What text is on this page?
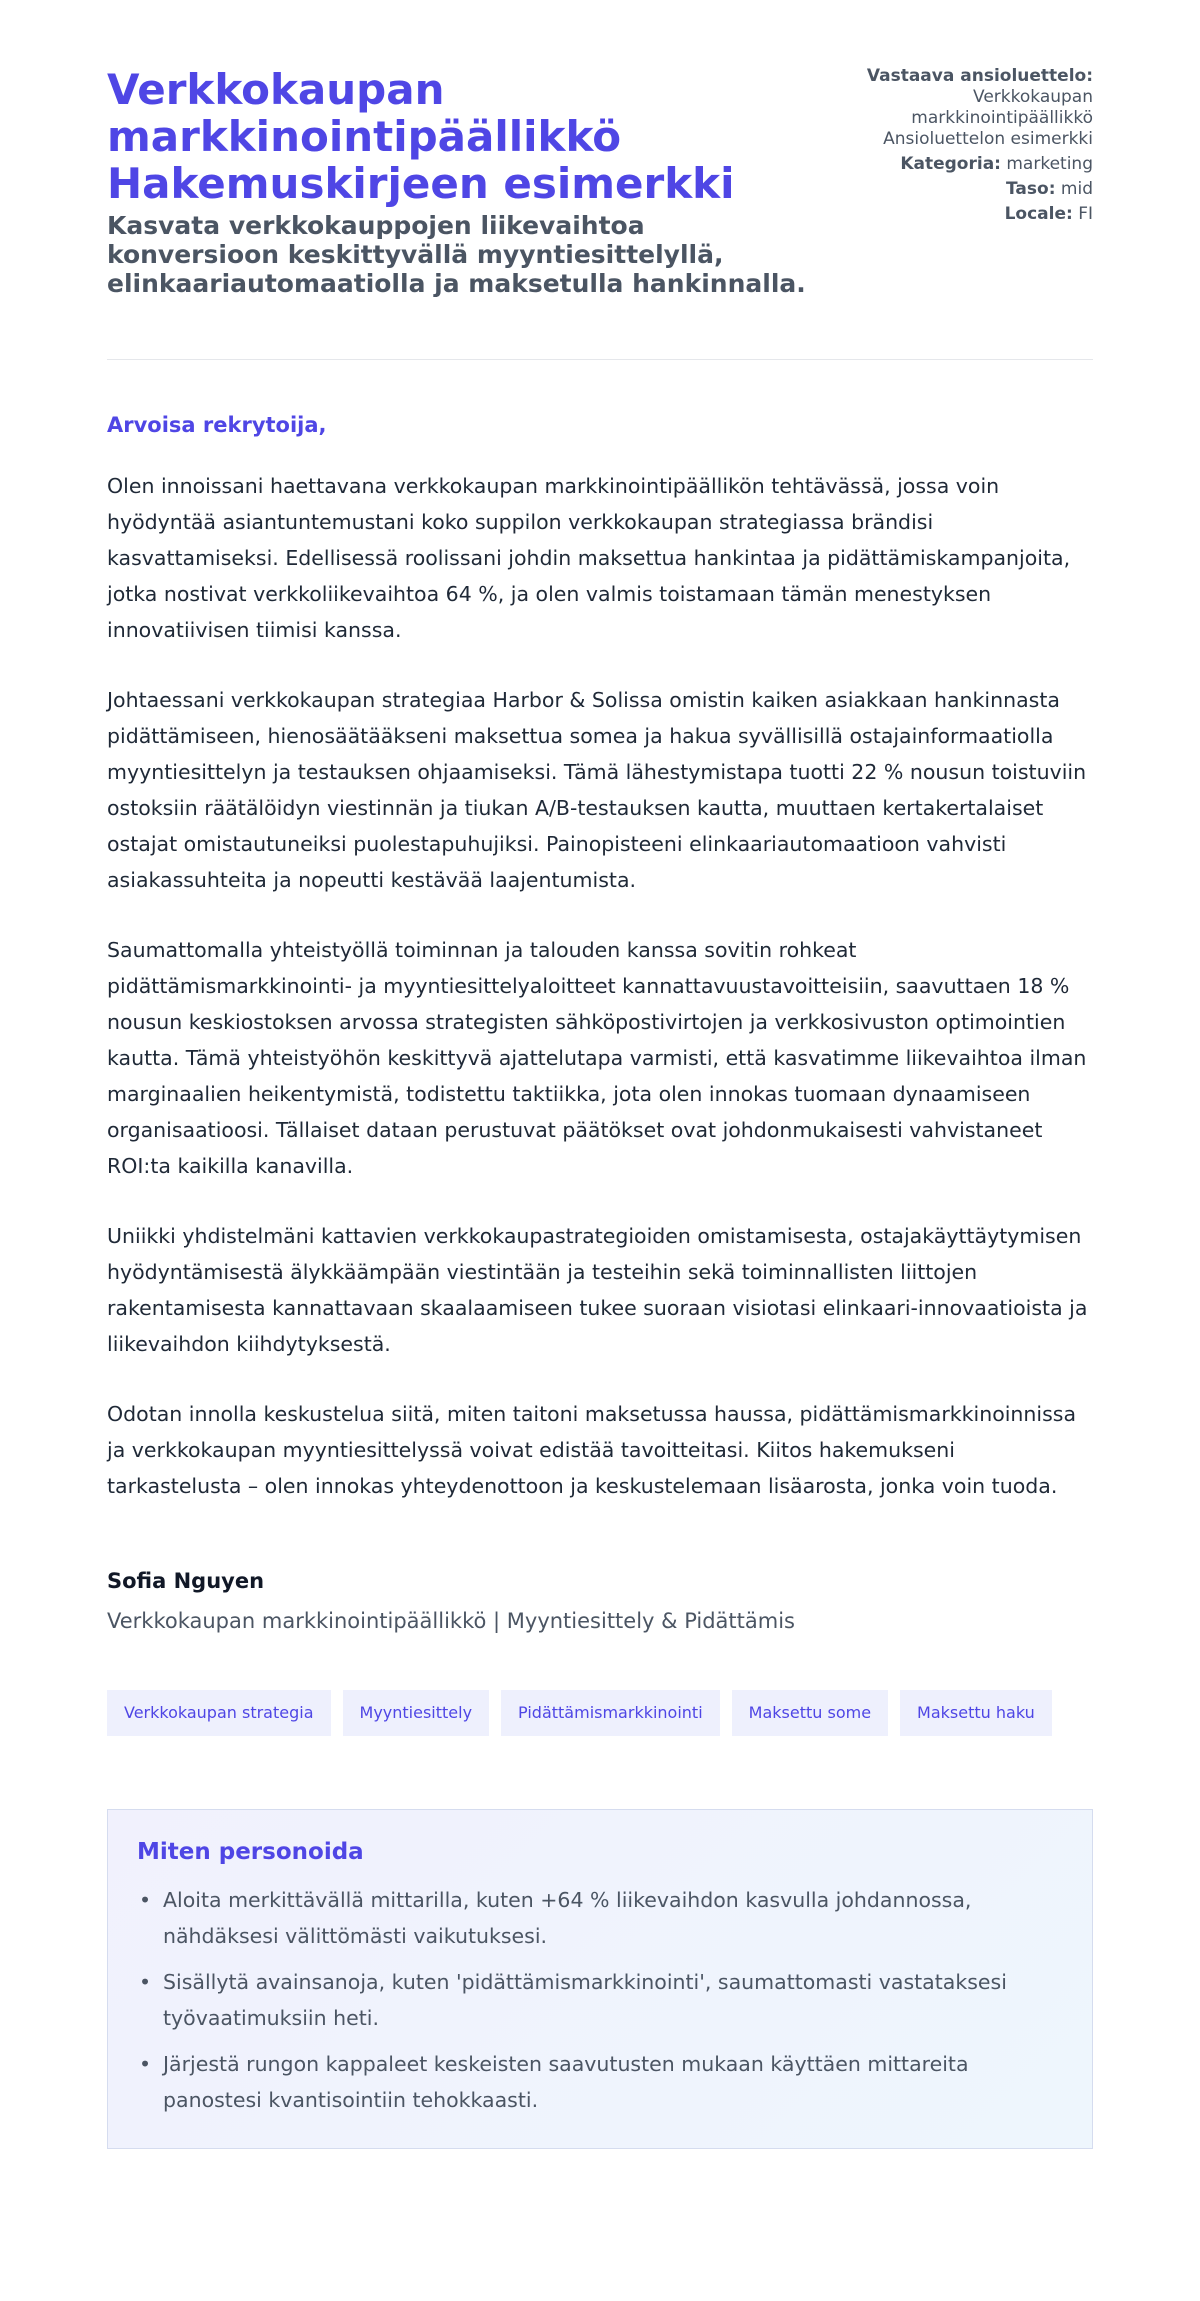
Verkkokaupan markkinointipäällikkö Hakemuskirjeen esimerkki
Kasvata verkkokauppojen liikevaihtoa konversioon keskittyvällä myyntiesittelyllä, elinkaariautomaatiolla ja maksetulla hankinnalla.
Vastaava ansioluettelo:
Verkkokaupan markkinointipäällikkö
Ansioluettelon esimerkki
Kategoria: marketing
Taso: mid
Locale: FI
Arvoisa rekrytoija,

Olen innoissani haettavana verkkokaupan markkinointipäällikön tehtävässä, jossa voin hyödyntää asiantuntemustani koko suppilon verkkokaupan strategiassa brändisi kasvattamiseksi. Edellisessä roolissani johdin maksettua hankintaa ja pidättämiskampanjoita, jotka nostivat verkkoliikevaihtoa 64 %, ja olen valmis toistamaan tämän menestyksen innovatiivisen tiimisi kanssa.

Johtaessani verkkokaupan strategiaa Harbor & Solissa omistin kaiken asiakkaan hankinnasta pidättämiseen, hienosäätääkseni maksettua somea ja hakua syvällisillä ostajainformaatiolla myyntiesittelyn ja testauksen ohjaamiseksi. Tämä lähestymistapa tuotti 22 % nousun toistuviin ostoksiin räätälöidyn viestinnän ja tiukan A/B-testauksen kautta, muuttaen kertakertalaiset ostajat omistautuneiksi puolestapuhujiksi. Painopisteeni elinkaariautomaatioon vahvisti asiakassuhteita ja nopeutti kestävää laajentumista.

Saumattomalla yhteistyöllä toiminnan ja talouden kanssa sovitin rohkeat pidättämismarkkinointi- ja myyntiesittelyaloitteet kannattavuustavoitteisiin, saavuttaen 18 % nousun keskiostoksen arvossa strategisten sähköpostivirtojen ja verkkosivuston optimointien kautta. Tämä yhteistyöhön keskittyvä ajattelutapa varmisti, että kasvatimme liikevaihtoa ilman marginaalien heikentymistä, todistettu taktiikka, jota olen innokas tuomaan dynaamiseen organisaatioosi. Tällaiset dataan perustuvat päätökset ovat johdonmukaisesti vahvistaneet ROI:ta kaikilla kanavilla.

Uniikki yhdistelmäni kattavien verkkokaupastrategioiden omistamisesta, ostajakäyttäytymisen hyödyntämisestä älykkäämpään viestintään ja testeihin sekä toiminnallisten liittojen rakentamisesta kannattavaan skaalaamiseen tukee suoraan visiotasi elinkaari-innovaatioista ja liikevaihdon kiihdytyksestä.

Odotan innolla keskustelua siitä, miten taitoni maksetussa haussa, pidättämismarkkinoinnissa ja verkkokaupan myyntiesittelyssä voivat edistää tavoitteitasi. Kiitos hakemukseni tarkastelusta – olen innokas yhteydenottoon ja keskustelemaan lisäarosta, jonka voin tuoda.

Sofia Nguyen
Verkkokaupan markkinointipäällikkö | Myyntiesittely & Pidättämis
Verkkokaupan strategia	Myyntiesittely	Pidättämismarkkinointi	Maksettu some	Maksettu haku
Miten personoida
• Aloita merkittävällä mittarilla, kuten +64 % liikevaihdon kasvulla johdannossa, nähdäksesi välittömästi vaikutuksesi.
• Sisällytä avainsanoja, kuten 'pidättämismarkkinointi', saumattomasti vastataksesi työvaatimuksiin heti.
• Järjestä rungon kappaleet keskeisten saavutusten mukaan käyttäen mittareita panostesi kvantisointiin tehokkaasti.
